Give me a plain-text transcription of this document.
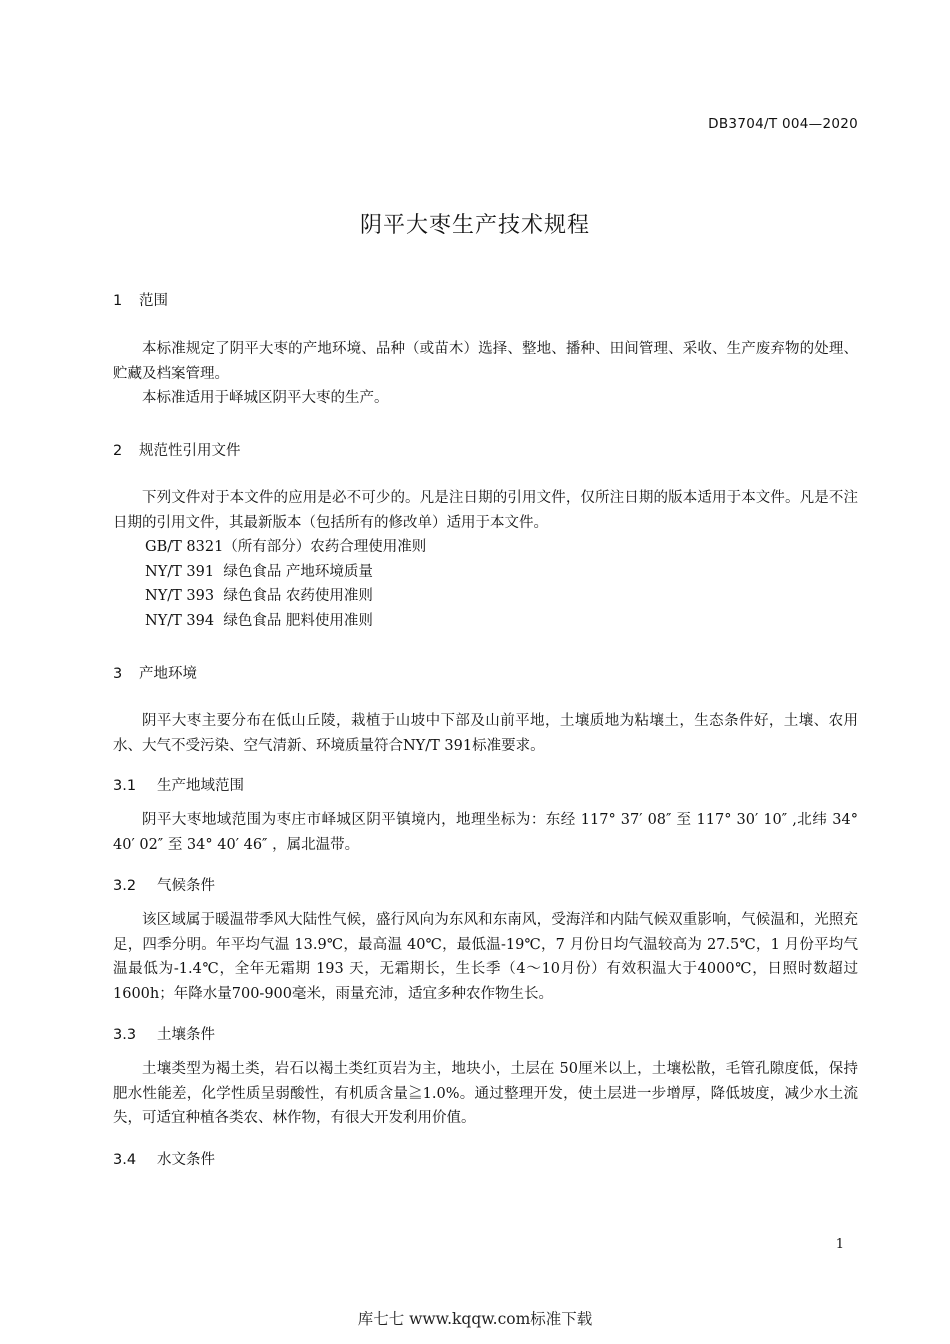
DB3704/T 004—2020
阴平大枣生产技术规程
1 范围
本标准规定了阴平大枣的产地环境、品种（或苗木）选择、整地、播种、田间管理、采收、生产废弃物的处理、贮藏及档案管理。
本标准适用于峄城区阴平大枣的生产。
2 规范性引用文件
下列文件对于本文件的应用是必不可少的。凡是注日期的引用文件，仅所注日期的版本适用于本文件。凡是不注日期的引用文件，其最新版本（包括所有的修改单）适用于本文件。
GB/T 8321（所有部分）农药合理使用准则
NY/T 391  绿色食品 产地环境质量
NY/T 393  绿色食品 农药使用准则
NY/T 394  绿色食品 肥料使用准则
3 产地环境
阴平大枣主要分布在低山丘陵，栽植于山坡中下部及山前平地，土壤质地为粘壤土，生态条件好，土壤、农用水、大气不受污染、空气清新、环境质量符合NY/T 391标准要求。
3.1 生产地域范围
阴平大枣地域范围为枣庄市峄城区阴平镇境内，地理坐标为：东经 117° 37′ 08″ 至 117° 30′ 10″ ,北纬 34° 40′ 02″ 至 34° 40′ 46″ ，属北温带。
3.2 气候条件
该区域属于暖温带季风大陆性气候，盛行风向为东风和东南风，受海洋和内陆气候双重影响，气候温和，光照充足，四季分明。年平均气温 13.9℃，最高温 40℃，最低温-19℃，7 月份日均气温较高为 27.5℃，1 月份平均气温最低为-1.4℃，全年无霜期 193 天，无霜期长，生长季（4～10月份）有效积温大于4000℃，日照时数超过1600h；年降水量700-900毫米，雨量充沛，适宜多种农作物生长。
3.3 土壤条件
土壤类型为褐土类，岩石以褐土类红页岩为主，地块小，土层在 50厘米以上，土壤松散，毛管孔隙度低，保持肥水性能差，化学性质呈弱酸性，有机质含量≧1.0%。通过整理开发，使土层进一步增厚，降低坡度，减少水土流失，可适宜种植各类农、林作物，有很大开发利用价值。
3.4 水文条件
1
库七七 www.kqqw.com标准下载
